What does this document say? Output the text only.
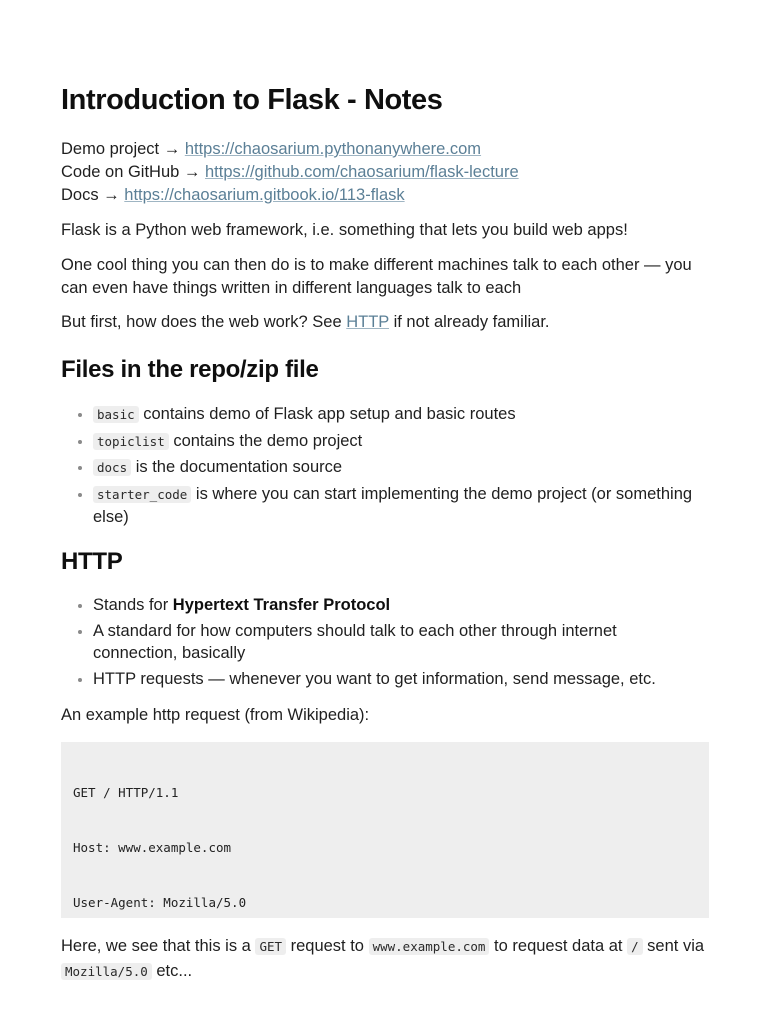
Introduction to Flask - Notes
Demo project → https://chaosarium.pythonanywhere.com
Code on GitHub → https://github.com/chaosarium/flask-lecture
Docs → https://chaosarium.gitbook.io/113-flask
Flask is a Python web framework, i.e. something that lets you build web apps!
One cool thing you can then do is to make different machines talk to each other — you can even have things written in different languages talk to each
But first, how does the web work? See HTTP if not already familiar.
Files in the repo/zip file
• basic contains demo of Flask app setup and basic routes
• topiclist contains the demo project
• docs is the documentation source
• starter_code is where you can start implementing the demo project (or something else)
HTTP
• Stands for Hypertext Transfer Protocol
• A standard for how computers should talk to each other through internet connection, basically
• HTTP requests — whenever you want to get information, send message, etc.
An example http request (from Wikipedia):

GET / HTTP/1.1

Host: www.example.com

User-Agent: Mozilla/5.0

Here, we see that this is a GET request to www.example.com to request data at / sent via Mozilla/5.0 etc...
